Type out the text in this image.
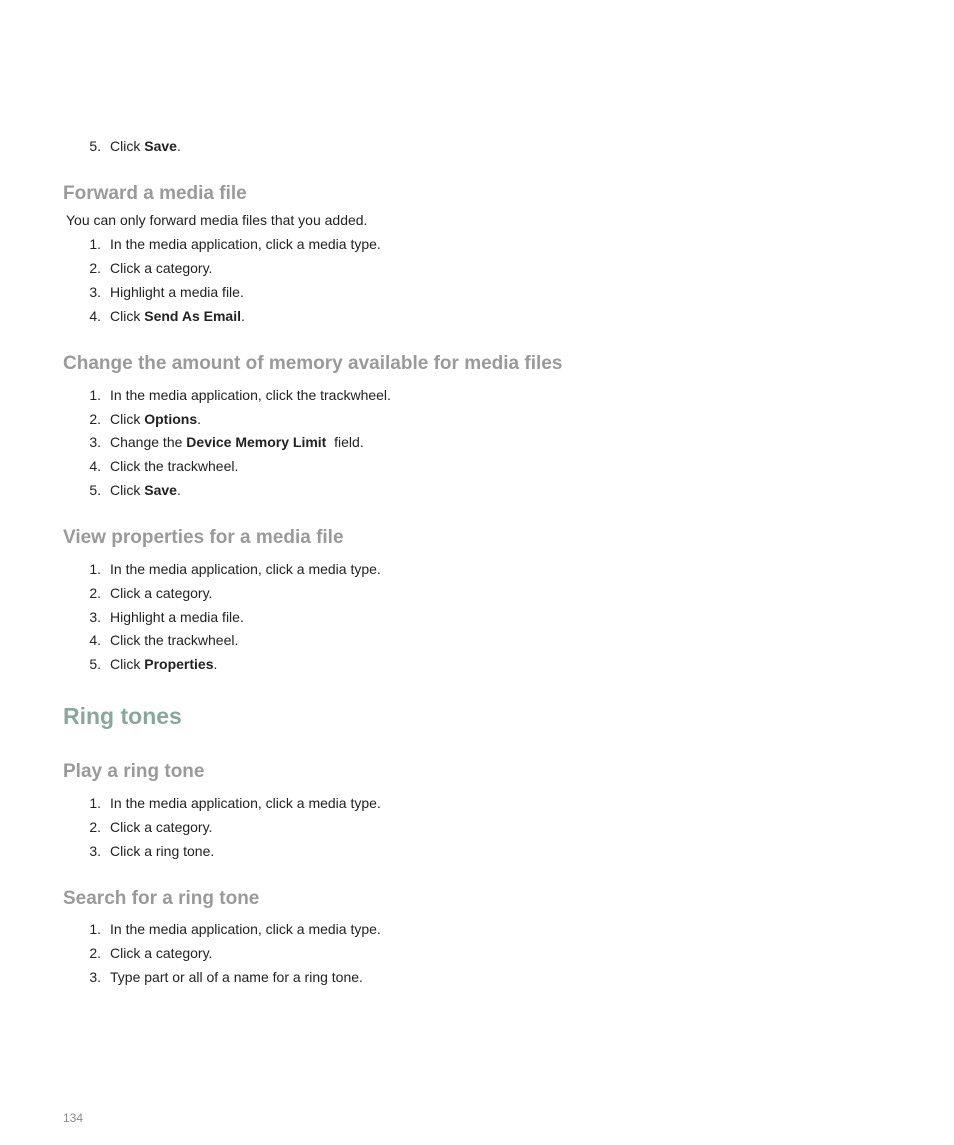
5. Click Save.
Forward a media file
You can only forward media files that you added.
1. In the media application, click a media type.
2. Click a category.
3. Highlight a media file.
4. Click Send As Email.
Change the amount of memory available for media files
1. In the media application, click the trackwheel.
2. Click Options.
3. Change the Device Memory Limit  field.
4. Click the trackwheel.
5. Click Save.
View properties for a media file
1. In the media application, click a media type.
2. Click a category.
3. Highlight a media file.
4. Click the trackwheel.
5. Click Properties.
Ring tones
Play a ring tone
1. In the media application, click a media type.
2. Click a category.
3. Click a ring tone.
Search for a ring tone
1. In the media application, click a media type.
2. Click a category.
3. Type part or all of a name for a ring tone.
134
